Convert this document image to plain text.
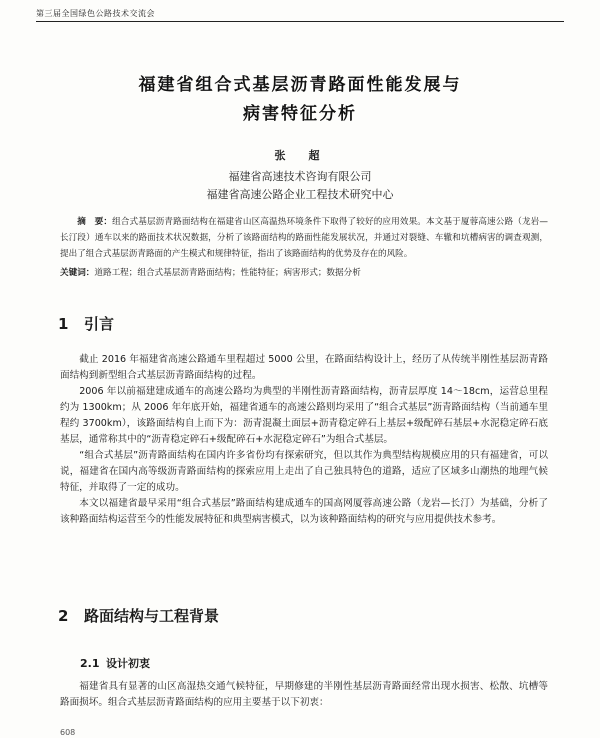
第三届全国绿色公路技术交流会
福建省组合式基层沥青路面性能发展与
病害特征分析
张　超
福建省高速技术咨询有限公司
福建省高速公路企业工程技术研究中心
摘　要：组合式基层沥青路面结构在福建省山区高温热环境条件下取得了较好的应用效果。本文基于厦蓉高速公路（龙岩—长汀段）通车以来的路面技术状况数据，分析了该路面结构的路面性能发展状况，并通过对裂缝、车辙和坑槽病害的调查观测，提出了组合式基层沥青路面的产生模式和规律特征，指出了该路面结构的优势及存在的风险。
关键词：道路工程；组合式基层沥青路面结构；性能特征；病害形式；数据分析
1 引言

截止 2016 年福建省高速公路通车里程超过 5000 公里，在路面结构设计上，经历了从传统半刚性基层沥青路面结构到新型组合式基层沥青路面结构的过程。

2006 年以前福建建成通车的高速公路均为典型的半刚性沥青路面结构，沥青层厚度 14～18cm，运营总里程约为 1300km；从 2006 年年底开始，福建省通车的高速公路则均采用了“组合式基层”沥青路面结构（当前通车里程约 3700km），该路面结构自上而下为：沥青混凝土面层+沥青稳定碎石上基层+级配碎石基层+水泥稳定碎石底基层，通常称其中的“沥青稳定碎石+级配碎石+水泥稳定碎石”为组合式基层。

“组合式基层”沥青路面结构在国内许多省份均有探索研究，但以其作为典型结构规模应用的只有福建省，可以说，福建省在国内高等级沥青路面结构的探索应用上走出了自己独具特色的道路，适应了区域多山潮热的地理气候特征，并取得了一定的成功。

本文以福建省最早采用“组合式基层”路面结构建成通车的国高网厦蓉高速公路（龙岩—长汀）为基础，分析了该种路面结构运营至今的性能发展特征和典型病害模式，以为该种路面结构的研究与应用提供技术参考。

2 路面结构与工程背景
2.1 设计初衷

福建省具有显著的山区高湿热交通气候特征，早期修建的半刚性基层沥青路面经常出现水损害、松散、坑槽等路面损坏。组合式基层沥青路面结构的应用主要基于以下初衷：

608
